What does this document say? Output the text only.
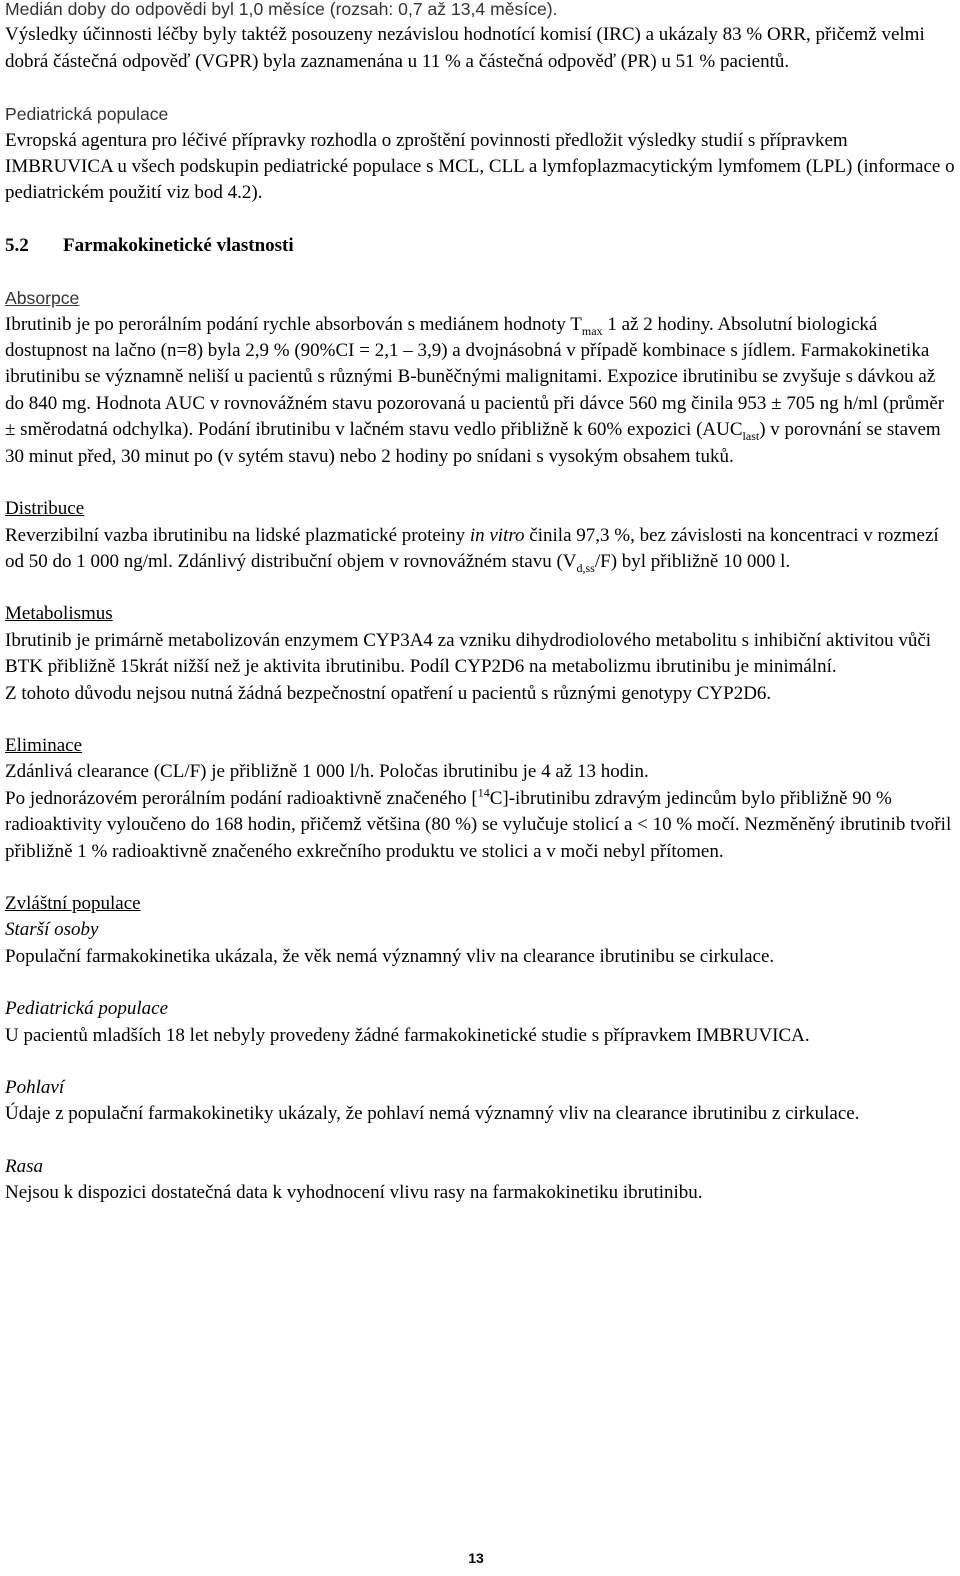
Medián doby do odpovědi byl 1,0 měsíce (rozsah: 0,7 až 13,4 měsíce).

Výsledky účinnosti léčby byly taktéž posouzeny nezávislou hodnotící komisí (IRC) a ukázaly 83 % ORR, přičemž velmi dobrá částečná odpověď (VGPR) byla zaznamenána u 11 % a částečná odpověď (PR) u 51 % pacientů.

Pediatrická populace

Evropská agentura pro léčivé přípravky rozhodla o zproštění povinnosti předložit výsledky studií s přípravkem IMBRUVICA u všech podskupin pediatrické populace s MCL, CLL a lymfoplazmacytickým lymfomem (LPL) (informace o pediatrickém použití viz bod 4.2).

5.2 Farmakokinetické vlastnosti

Absorpce

Ibrutinib je po perorálním podání rychle absorbován s mediánem hodnoty $T_{max}$ 1 až 2 hodiny. Absolutní biologická dostupnost na lačno (n=8) byla 2,9 % (90%CI = 2,1 – 3,9) a dvojnásobná v případě kombinace s jídlem. Farmakokinetika ibrutinibu se významně neliší u pacientů s různými B-buněčnými malignitami. Expozice ibrutinibu se zvyšuje s dávkou až do 840 mg. Hodnota AUC v rovnovážném stavu pozorovaná u pacientů při dávce 560 mg činila 953 ± 705 ng h/ml (průměr ± směrodatná odchylka). Podání ibrutinibu v lačném stavu vedlo přibližně k 60% expozici $(AUC_{last})$ v porovnání se stavem 30 minut před, 30 minut po (v sytém stavu) nebo 2 hodiny po snídani s vysokým obsahem tuků.

Distribuce

Reverzibilní vazba ibrutinibu na lidské plazmatické proteiny in vitro činila 97,3 %, bez závislosti na koncentraci v rozmezí od 50 do 1 000 ng/ml. Zdánlivý distribuční objem v rovnovážném stavu $(V_{d,ss}/F)$ byl přibližně 10 000 l.

Metabolismus

Ibrutinib je primárně metabolizován enzymem CYP3A4 za vzniku dihydrodiolového metabolitu s inhibiční aktivitou vůči BTK přibližně 15krát nižší než je aktivita ibrutinibu. Podíl CYP2D6 na metabolizmu ibrutinibu je minimální.

Z tohoto důvodu nejsou nutná žádná bezpečnostní opatření u pacientů s různými genotypy CYP2D6.

Eliminace

Zdánlivá clearance (CL/F) je přibližně 1 000 l/h. Poločas ibrutinibu je 4 až 13 hodin.

Po jednorázovém perorálním podání radioaktivně značeného [$^{14}$C]-ibrutinibu zdravým jedincům bylo přibližně 90 % radioaktivity vyloučeno do 168 hodin, přičemž většina (80 %) se vylučuje stolicí a < 10 % močí. Nezměněný ibrutinib tvořil přibližně 1 % radioaktivně značeného exkrečního produktu ve stolici a v moči nebyl přítomen.

Zvláštní populace

Starší osoby

Populační farmakokinetika ukázala, že věk nemá významný vliv na clearance ibrutinibu se cirkulace.

Pediatrická populace

U pacientů mladších 18 let nebyly provedeny žádné farmakokinetické studie s přípravkem IMBRUVICA.

Pohlaví

Údaje z populační farmakokinetiky ukázaly, že pohlaví nemá významný vliv na clearance ibrutinibu z cirkulace.

Rasa

Nejsou k dispozici dostatečná data k vyhodnocení vlivu rasy na farmakokinetiku ibrutinibu.

13
